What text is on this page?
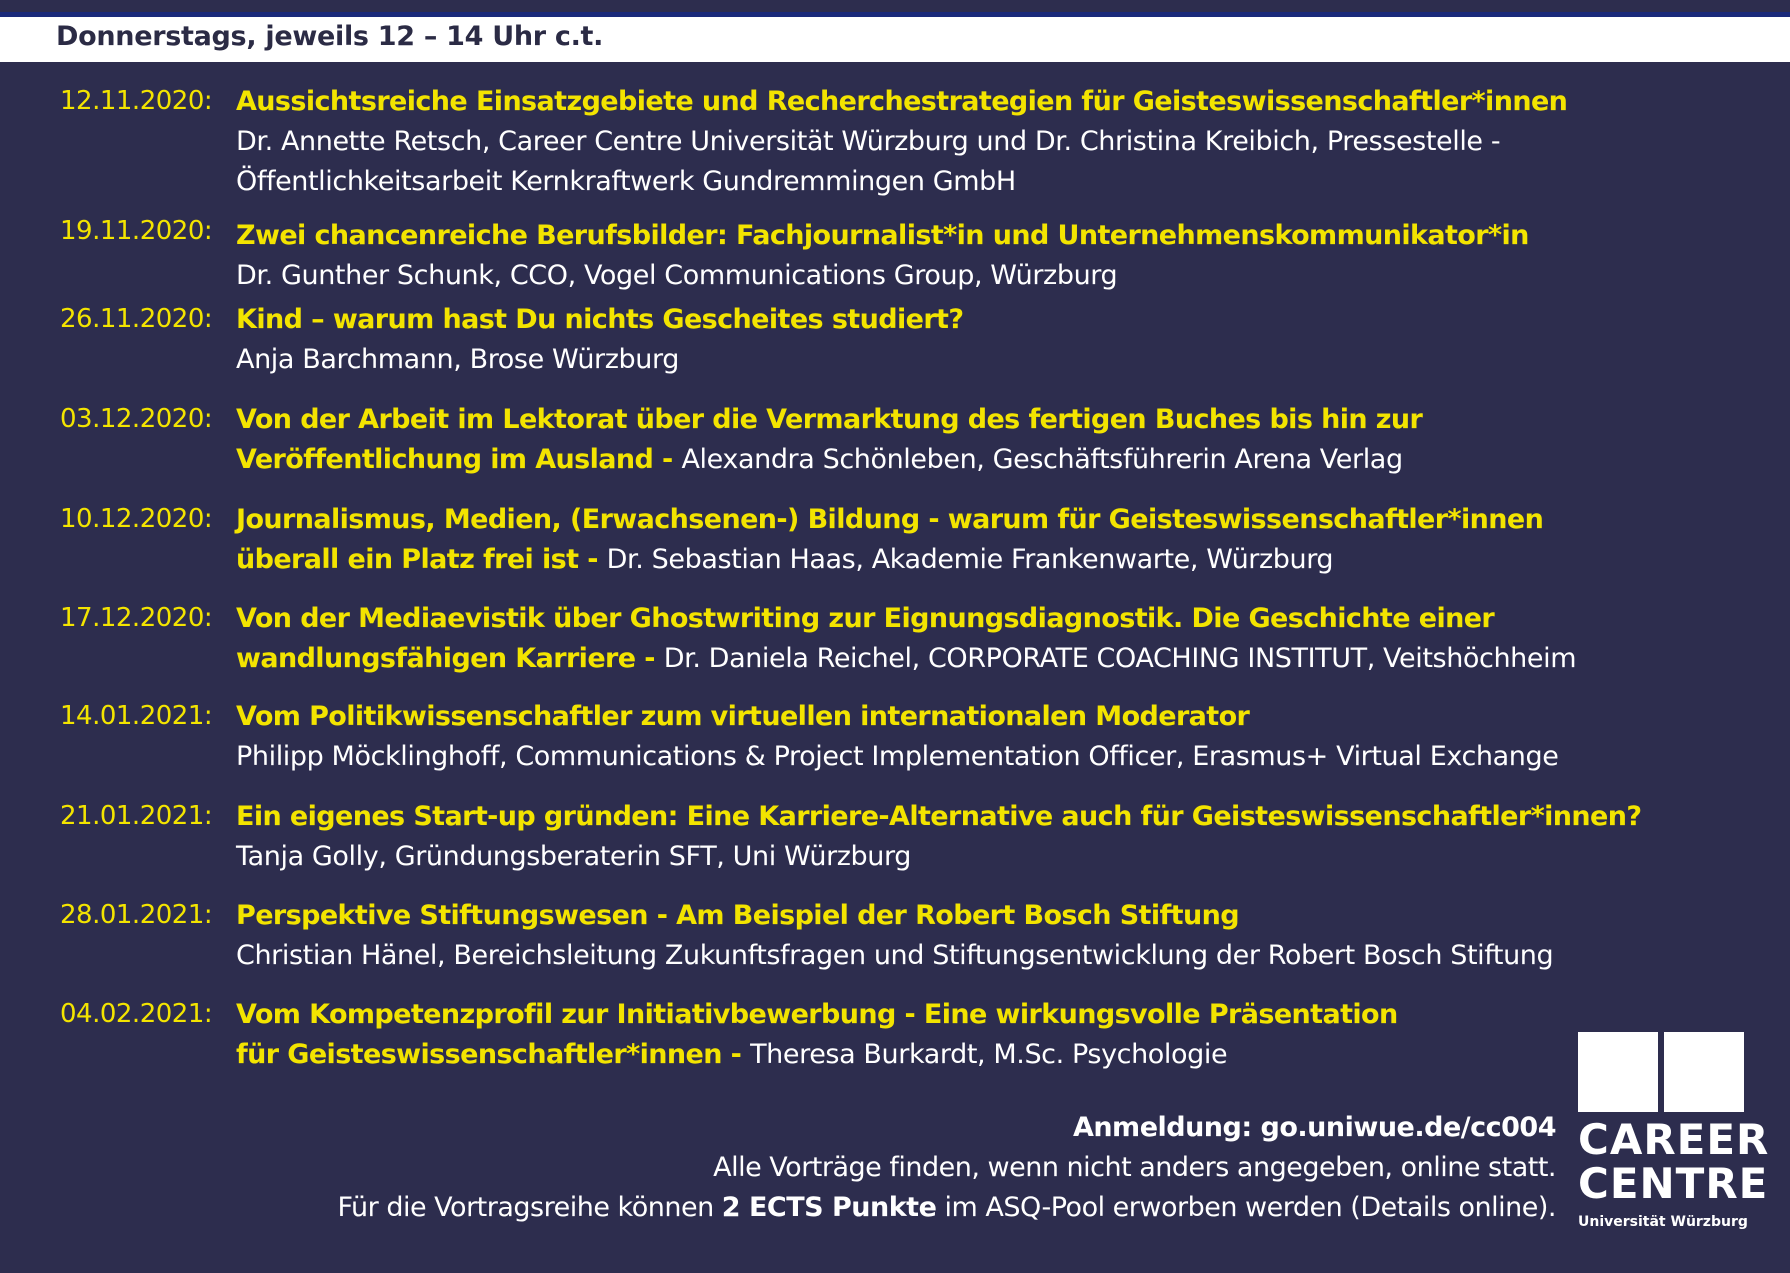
Donnerstags, jeweils 12 – 14 Uhr c.t.
12.11.2020: Aussichtsreiche Einsatzgebiete und Recherchestrategien für Geisteswissenschaftler*innen
Dr. Annette Retsch, Career Centre Universität Würzburg und Dr. Christina Kreibich, Pressestelle -
Öffentlichkeitsarbeit Kernkraftwerk Gundremmingen GmbH
19.11.2020: Zwei chancenreiche Berufsbilder: Fachjournalist*in und Unternehmenskommunikator*in
Dr. Gunther Schunk, CCO, Vogel Communications Group, Würzburg
26.11.2020: Kind – warum hast Du nichts Gescheites studiert?
Anja Barchmann, Brose Würzburg
03.12.2020: Von der Arbeit im Lektorat über die Vermarktung des fertigen Buches bis hin zur
Veröffentlichung im Ausland - Alexandra Schönleben, Geschäftsführerin Arena Verlag
10.12.2020: Journalismus, Medien, (Erwachsenen-) Bildung - warum für Geisteswissenschaftler*innen
überall ein Platz frei ist - Dr. Sebastian Haas, Akademie Frankenwarte, Würzburg
17.12.2020: Von der Mediaevistik über Ghostwriting zur Eignungsdiagnostik. Die Geschichte einer
wandlungsfähigen Karriere - Dr. Daniela Reichel, CORPORATE COACHING INSTITUT, Veitshöchheim
14.01.2021: Vom Politikwissenschaftler zum virtuellen internationalen Moderator
Philipp Möcklinghoff, Communications & Project Implementation Officer, Erasmus+ Virtual Exchange
21.01.2021: Ein eigenes Start-up gründen: Eine Karriere-Alternative auch für Geisteswissenschaftler*innen?
Tanja Golly, Gründungsberaterin SFT, Uni Würzburg
28.01.2021: Perspektive Stiftungswesen - Am Beispiel der Robert Bosch Stiftung
Christian Hänel, Bereichsleitung Zukunftsfragen und Stiftungsentwicklung der Robert Bosch Stiftung
04.02.2021: Vom Kompetenzprofil zur Initiativbewerbung - Eine wirkungsvolle Präsentation
für Geisteswissenschaftler*innen - Theresa Burkardt, M.Sc. Psychologie
Anmeldung: go.uniwue.de/cc004
Alle Vorträge finden, wenn nicht anders angegeben, online statt.
Für die Vortragsreihe können 2 ECTS Punkte im ASQ-Pool erworben werden (Details online).
CAREER
CENTRE
Universität Würzburg
